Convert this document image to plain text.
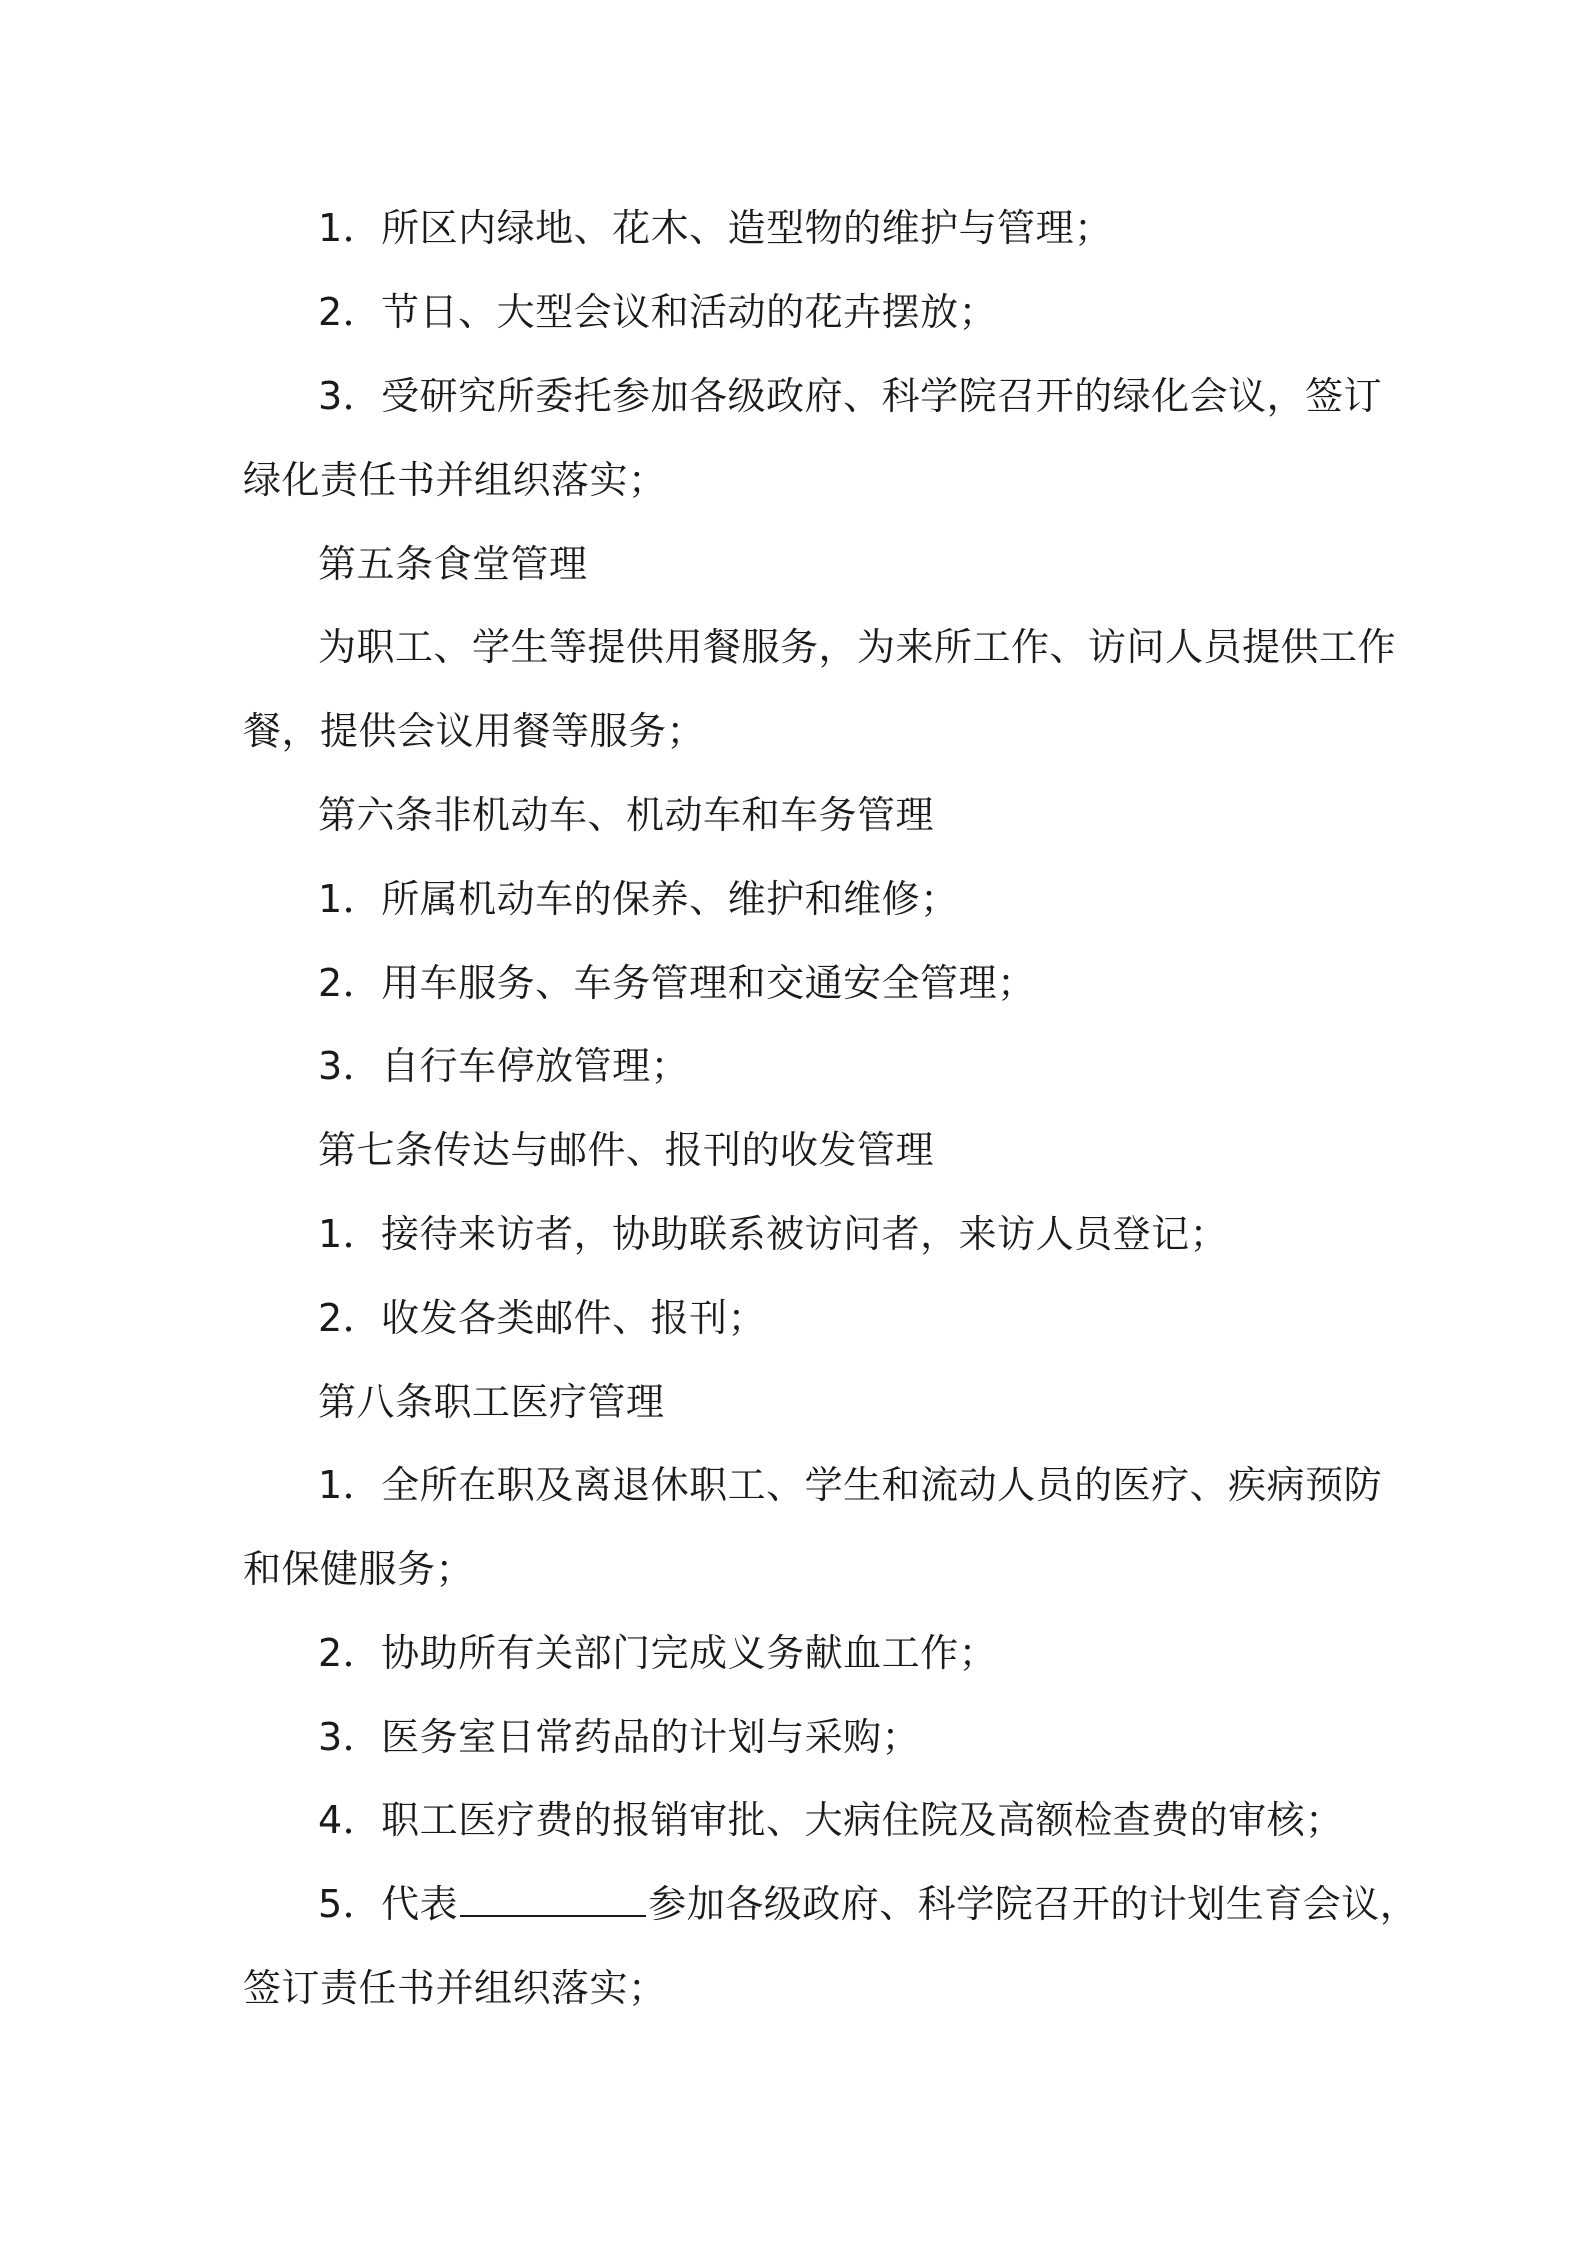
1．所区内绿地、花木、造型物的维护与管理；
2．节日、大型会议和活动的花卉摆放；
3．受研究所委托参加各级政府、科学院召开的绿化会议，签订
绿化责任书并组织落实；
第五条食堂管理
为职工、学生等提供用餐服务，为来所工作、访问人员提供工作
餐，提供会议用餐等服务；
第六条非机动车、机动车和车务管理
1．所属机动车的保养、维护和维修；
2．用车服务、车务管理和交通安全管理；
3．自行车停放管理；
第七条传达与邮件、报刊的收发管理
1．接待来访者，协助联系被访问者，来访人员登记；
2．收发各类邮件、报刊；
第八条职工医疗管理
1．全所在职及离退休职工、学生和流动人员的医疗、疾病预防
和保健服务；
2．协助所有关部门完成义务献血工作；
3．医务室日常药品的计划与采购；
4．职工医疗费的报销审批、大病住院及高额检查费的审核；
5．代表	参加各级政府、科学院召开的计划生育会议，
签订责任书并组织落实；
